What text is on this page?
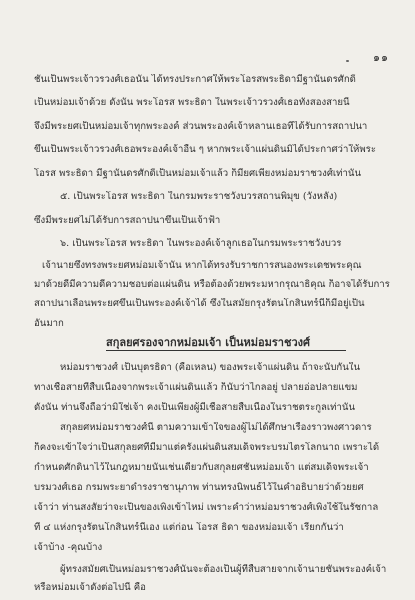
๑๑
ชั้นเป็นพระเจ้าวรวงศ์เธอนั้น ได้ทรงประกาศให้พระโอรสพระธิดามีฐานันดรศักดิ์
เป็นหม่อมเจ้าด้วย ดังนั้น พระโอรส พระธิดา ในพระเจ้าวรวงศ์เธอทั้งสองสายนี้
จึงมีพระยศเป็นหม่อมเจ้าทุกพระองค์ ส่วนพระองค์เจ้าหลานเธอที่ได้รับการสถาปนา
ขึ้นเป็นพระเจ้าวรวงศ์เธอพระองค์เจ้าอื่น ๆ หากพระเจ้าแผ่นดินมิได้ประกาศว่าให้พระ
โอรส พระธิดา มีฐานันดรศักดิ์เป็นหม่อมเจ้าแล้ว ก็มียศเพียงหม่อมราชวงศ์เท่านั้น
๕. เป็นพระโอรส พระธิดา ในกรมพระราชวังบวรสถานพิมุข (วังหลัง)
ซึ่งมีพระยศไม่ได้รับการสถาปนาขึ้นเป็นเจ้าฟ้า
๖. เป็นพระโอรส พระธิดา ในพระองค์เจ้าลูกเธอในกรมพระราชวังบวร
เจ้านายซึ่งทรงพระยศหม่อมเจ้านั้น หากได้ทรงรับราชการสนองพระเดชพระคุณ
มาด้วยดีมีความดีความชอบต่อแผ่นดิน หรือต้องด้วยพระมหากรุณาธิคุณ ก็อาจได้รับการ
สถาปนาเลื่อนพระยศขึ้นเป็นพระองค์เจ้าได้ ซึ่งในสมัยกรุงรัตนโกสินทร์นี้ก็มีอยู่เป็น
อันมาก
สกุลยศรองจากหม่อมเจ้า เป็นหม่อมราชวงศ์
หม่อมราชวงศ์ เป็นบุตรธิดา (คือเหลน) ของพระเจ้าแผ่นดิน ถ้าจะนับกันใน
ทางเชื้อสายที่สืบเนื่องจากพระเจ้าแผ่นดินแล้ว ก็นับว่าไกลอยู่ ปลายอ่อปลายแขม
ดังนั้น ท่านจึงถือว่ามิใช่เจ้า คงเป็นเพียงผู้มีเชื้อสายสืบเนื่องในราชตระกูลเท่านั้น
สกุลยศหม่อมราชวงศ์นี้ ตามความเข้าใจของผู้ไม่ได้ศึกษาเรื่องราวพงศาวดาร
ก็คงจะเข้าใจว่าเป็นสกุลยศที่มีมาแต่ครั้งแผ่นดินสมเด็จพระบรมไตรโลกนาถ เพราะได้
กำหนดศักดินาไว้ในกฎหมายนั้นเช่นเดียวกับสกุลยศชั้นหม่อมเจ้า แต่สมเด็จพระเจ้า
บรมวงศ์เธอ กรมพระยาดำรงราชานุภาพ ท่านทรงนิพนธ์ไว้ในคำอธิบายว่าด้วยยศ
เจ้าว่า ท่านสงสัยว่าจะเป็นของเพิ่งเข้าไหม่ เพราะคำว่าหม่อมราชวงศ์เพิ่งใช้ในรัชกาล
ที่ ๔ แห่งกรุงรัตนโกสินทร์นี้เอง แต่ก่อน โอรส ธิดา ของหม่อมเจ้า เรียกกันว่า
เจ้าบ้าง -คุณบ้าง
ผู้ทรงสมัยศเป็นหม่อมราชวงศ์นั้นจะต้องเป็นผู้ที่สืบสายจากเจ้านายชั้นพระองค์เจ้า
หรือหม่อมเจ้าดังต่อไปนี้ คือ
